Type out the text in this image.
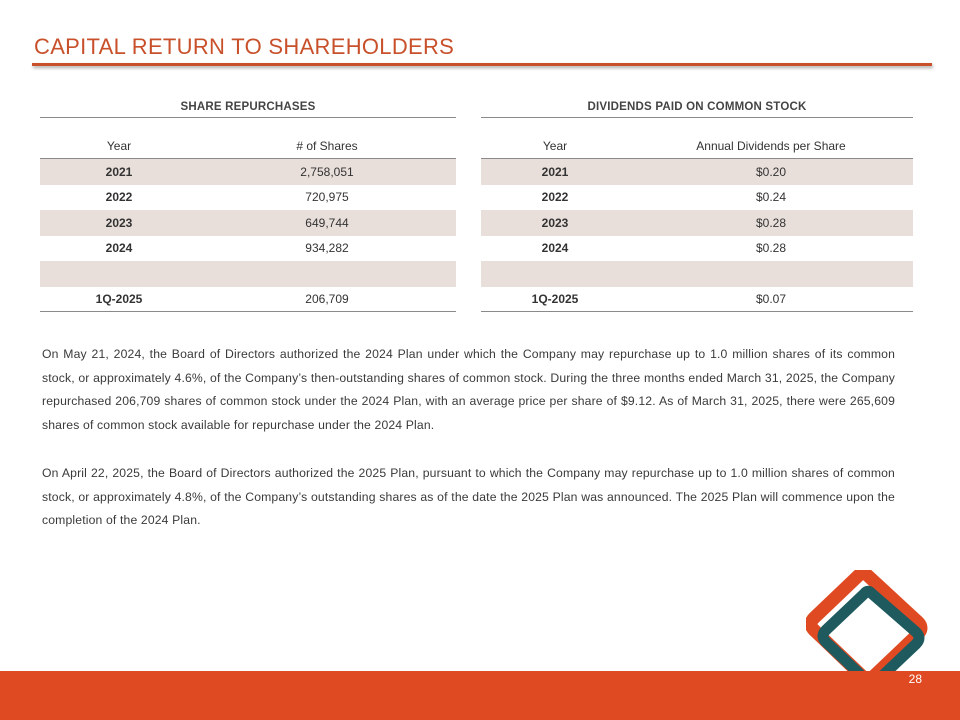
CAPITAL RETURN TO SHAREHOLDERS
SHARE REPURCHASES
Year	# of Shares
2021	2,758,051
2022	720,975
2023	649,744
2024	934,282
1Q-2025	206,709
DIVIDENDS PAID ON COMMON STOCK
Year	Annual Dividends per Share
2021	$0.20
2022	$0.24
2023	$0.28
2024	$0.28
1Q-2025	$0.07

On May 21, 2024, the Board of Directors authorized the 2024 Plan under which the Company may repurchase up to 1.0 million shares of its common stock, or approximately 4.6%, of the Company’s then-outstanding shares of common stock. During the three months ended March 31, 2025, the Company repurchased 206,709 shares of common stock under the 2024 Plan, with an average price per share of $9.12. As of March 31, 2025, there were 265,609 shares of common stock available for repurchase under the 2024 Plan.

On April 22, 2025, the Board of Directors authorized the 2025 Plan, pursuant to which the Company may repurchase up to 1.0 million shares of common stock, or approximately 4.8%, of the Company’s outstanding shares as of the date the 2025 Plan was announced. The 2025 Plan will commence upon the completion of the 2024 Plan.

28
